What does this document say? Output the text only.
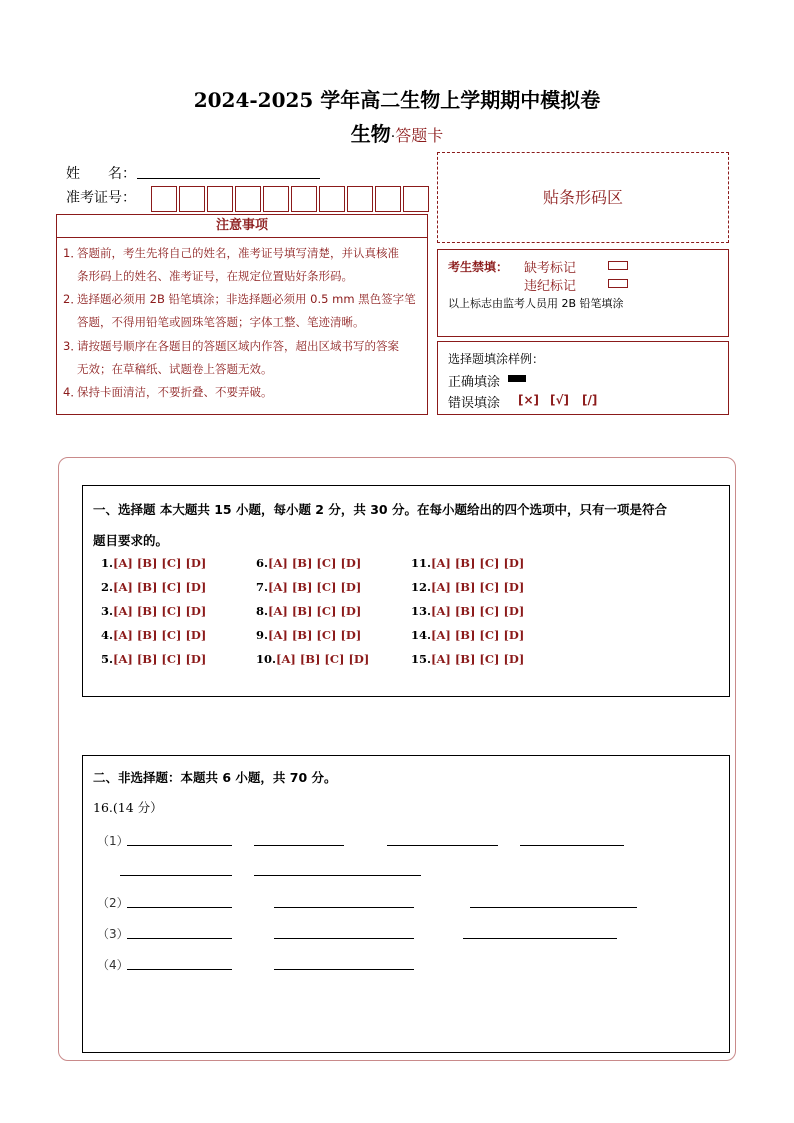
2024-2025 学年高二生物上学期期中模拟卷
生物·答题卡
姓　　名：
准考证号：
注意事项
1．答题前，考生先将自己的姓名，准考证号填写清楚，并认真核准
条形码上的姓名、准考证号，在规定位置贴好条形码。
2．选择题必须用 2B 铅笔填涂；非选择题必须用 0.5 mm 黑色签字笔
答题，不得用铅笔或圆珠笔答题；字体工整、笔迹清晰。
3．请按题号顺序在各题目的答题区域内作答，超出区域书写的答案
无效；在草稿纸、试题卷上答题无效。
4．保持卡面清洁，不要折叠、不要弄破。
贴条形码区
考生禁填： 缺考标记
违纪标记
以上标志由监考人员用 2B 铅笔填涂
选择题填涂样例：
正确填涂
错误填涂 [×] [√] [/]
一、选择题 本大题共 15 小题，每小题 2 分，共 30 分。在每小题给出的四个选项中，只有一项是符合
题目要求的。
1.[A] [B] [C] [D]
2.[A] [B] [C] [D]
3.[A] [B] [C] [D]
4.[A] [B] [C] [D]
5.[A] [B] [C] [D]
6.[A] [B] [C] [D]
7.[A] [B] [C] [D]
8.[A] [B] [C] [D]
9.[A] [B] [C] [D]
10.[A] [B] [C] [D]
11.[A] [B] [C] [D]
12.[A] [B] [C] [D]
13.[A] [B] [C] [D]
14.[A] [B] [C] [D]
15.[A] [B] [C] [D]
二、非选择题：本题共 6 小题，共 70 分。
16.(14 分）
（1）
（2）
（3）
（4）
